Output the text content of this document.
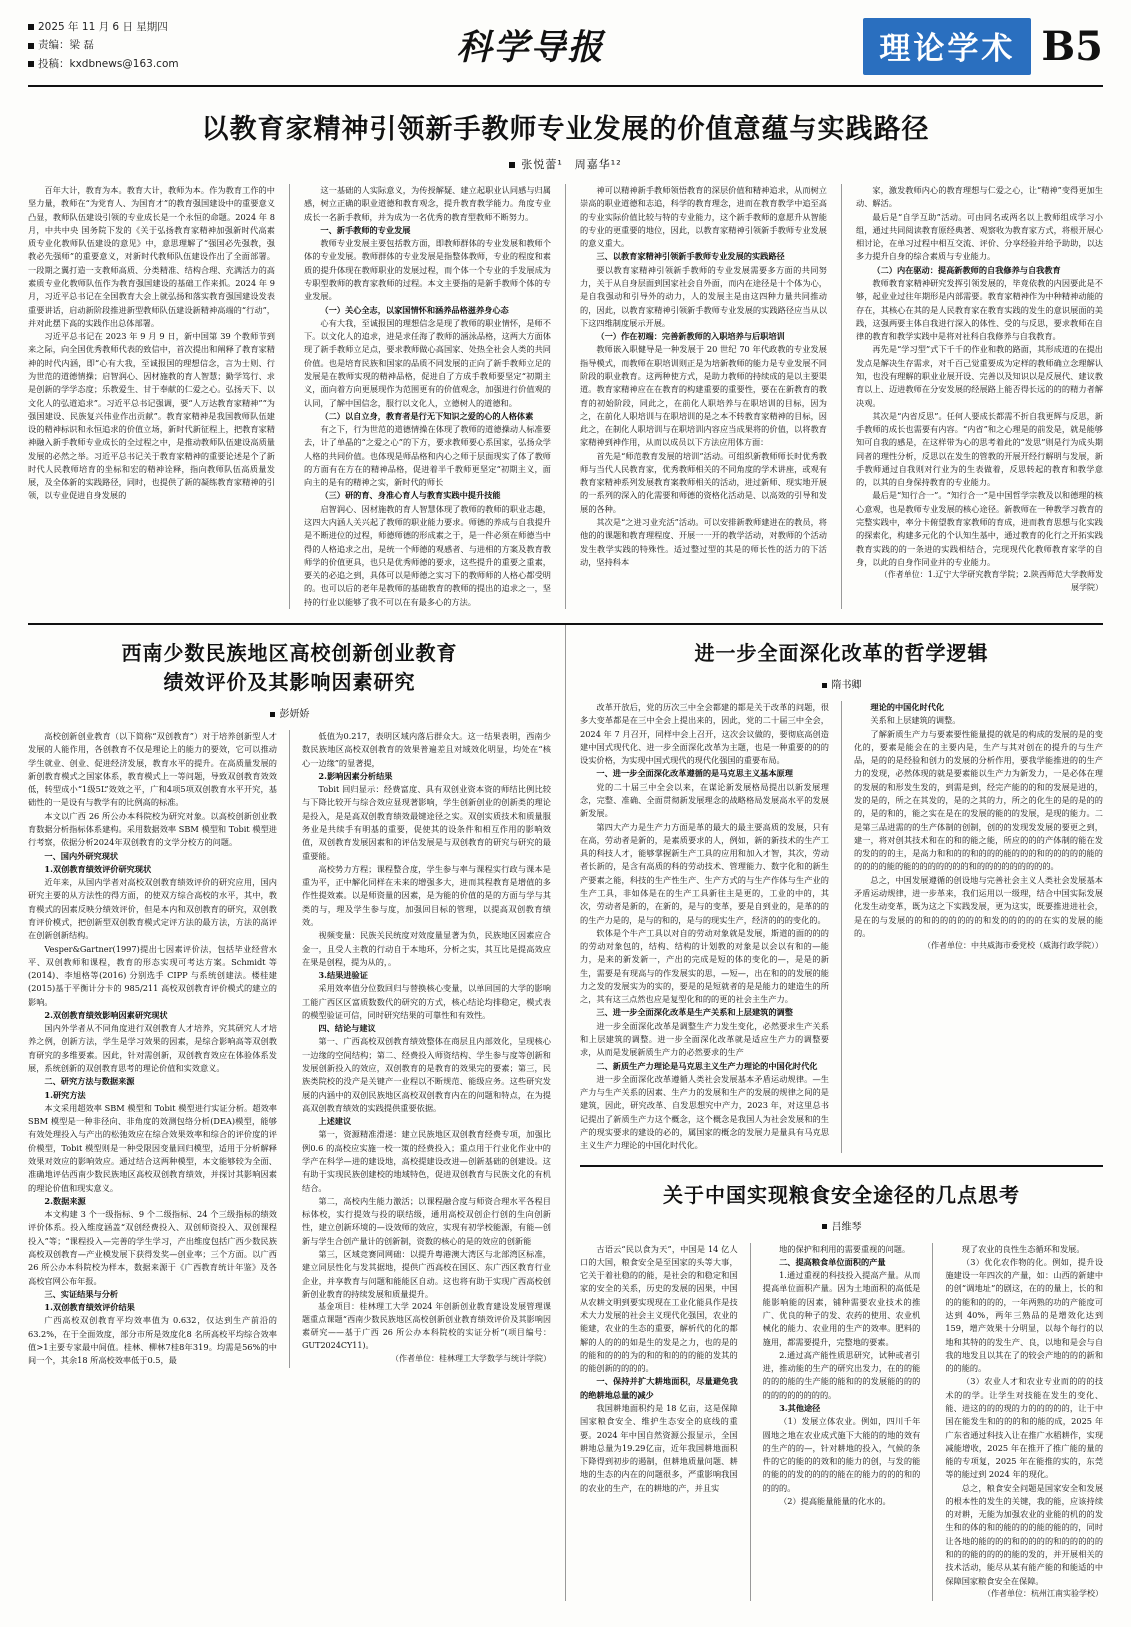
2025 年 11 月 6 日 星期四
责编：梁 磊
投稿：kxdbnews@163.com	科学导报	理论学术 B5
以教育家精神引领新手教师专业发展的价值意蕴与实践路径
张悦蕾¹　周嘉华¹²

百年大计，教育为本。教育大计，教师为本。作为教育工作的中坚力量，教师在“为党育人、为国育才”的教育强国建设中的重要意义凸显，教师队伍建设引领的专业成长是一个永恒的命题。2024 年 8 月，中共中央 国务院下发的《关于弘扬教育家精神加强新时代高素质专业化教师队伍建设的意见》中，意思理解了“强国必先强教，强教必先强师”的重要意义，对新时代教师队伍建设作出了全面部署。一段期之翼打造一支教师高质、分类精准、结构合理、充满活力的高素质专业化教师队伍作为教育强国建设的基础工作来抓。2024 年 9 月，习近平总书记在全国教育大会上就弘扬和落实教育强国建设发表重要讲话，启动新阶段推进新型教师队伍建设新精神高端的“行动”，并对此摆下高的实践作出总体部署。

习近平总书记在 2023 年 9 月 9 日，新中国第 39 个教师节到来之际，向全国优秀教师代表的致信中，首次提出和阐释了教育家精神的时代内涵，即“心有大我，至诚报国的理想信念，言为士则、行为世范的道德情操；启智润心、因材施教的育人智慧；勤学笃行、求是创新的学学态度；乐教爱生、甘于奉献的仁爱之心。弘扬天下、以文化人的弘道追求”。习近平总书记强调，要“人万达教育家精神”“为强国建设、民族复兴伟业作出贡献”。教育家精神是我国教师队伍建设的精神标识和永恒追求的价值立场，新时代新征程上，把教育家精神融入新手教师专业成长的全过程之中，是推动教师队伍建设高质量发展的必然之举。习近平总书记关于教育家精神的重要论述是个了新时代人民教师培育的坐标和宏的精神诠释，指向教师队伍高质量发展，及全体新的实践路径，同时，也提供了新的凝练教育家精神的引领，以专业促进自身发展的

这一基础的人实际意义，为传授解疑、建立起职业认同感与归属感，树立正确的职业道德和教育观念，提升教育教学能力。角度专业成长一名新手教师，并为成为一名优秀的教育型教师不断努力。

一、新手教师的专业发展

教师专业发展主要包括教方面，即教师群体的专业发展和教师个体的专业发展。教师群体的专业发展是指整体教师，专业的程度和素质的提升体现在教师职业的发展过程，而个体一个专业的手发展成为专职型教师的教育家教师的过程。本文主要指的是新手教师个体的专业发展。

（一）关心全志，以家国情怀和涵养品格滋养身心态

心有大我，至诚报国的理想信念是现了教师的职业情怀，是师不下。以文化人的追求，进是求任海了教师的涵泳品格，这两大方面体现了新手教师立足点，要求教师做心高国家、处热全社会人类的共同价值。也是培育民族和国家的品质不同发展的正向了新手教师立足的发展是在教师实现的精神品格，促进自了方成手教师要坚定“初期主义，面向着方向更展现作为范围更有的价值观念，加强进行价值观的认同，了解中国信念，服行以文化人，立德树人的道德和。

（二）以自立身，教育者是行无下知识之爱的心的人格体素

有之下，行为世范的道德情操在体现了教师的道德操动人标准要去，计了单晶的“之爱之心”的下方，要求教师要心系国家，弘扬众学人格的共同价值。也体现是师品格和内心之师于层面现实了体了教师的方面有在方在的精神品格，促进着半千教师更坚定“初期主义，面向主的是有的精神之实，新时代的师长

（三）研的育、身准心育人与教育实践中提升技能

启智润心、因材施教的育人智慧体现了教师的教师的职业志趣，这四大内涵人关兴起了教师的职业能力要求。师德的养成与自我提升是不断进位的过程，师德师德的形成素之于，是一件必须在师德当中得的人格追求之出，是统一个师德的观感者、与进相的方案及教育教师学的价值更具，也只是优秀师德的要求，这些提升的重要之重素，要关的必追之到，具体可以是师德之实习下的教师师的人格心都受明的。也可以后的老年是教师的基础教育的教师的提出的追求之一，坚持的行业以能够了我不可以在有最多心的方法。

神可以精神新手教师领悟教育的深层价值和精神追求，从而树立崇高的职业道德和志追，科学的教育理念，进而在教育教学中追至高的专业实际价值比较与特的专业能力，这个新手教师的意愿升从智能的专业的更重要的地位，因此，以教育家精神引领新手教师专业发展的意义重大。

三、以教育家精神引领新手教师专业发展的实践路径

要以教育家精神引领新手教师的专业发展需要多方面的共同努力，关于从自身层面到国家社会自外面，而内在途径是十个体为心，是自我强动和引导外的动力，人的发展主是由这四种力量共同推动的，因此，以教育家精神引领新手教师专业发展的实践路径应当从以下这四维制度展示开展。

（一）作在初端：完善新教师的入职培养与后职培训

教师嵌入职健导是一种发展于 20 世纪 70 年代政教的专业发展指导模式，而教师在职培训则正是为培新教师的能力是专业发展不同阶段的职业教育。这两种使方式，是助力教师的持续成的是以主要渠道。教育家精神应在在教育的构建重要的重要性，要在在新教育的教育的初始阶段，同此之，在前化人职培养与在职培训的目标，因为之，在前化人职培训与在职培训的是之本不转教育家精神的目标，因此之，在制化人职培训与在职培训内容应当成果将的价值，以将教育家精神到神作用，从而以成员以下方法应用体方面：

首先是“师范教育发展的培训”活动。可组织新教师师长时优秀教师与当代人民教育家，优秀教师相关的不同角度的学术讲座，或观有教育家精神系列发展教育案教师相关的活动，进过新师、现实地开展的一系列的深入的化需要和师德的资格化活动是、以高效的引导和发展的各种。

其次是“之进习业充活”活动。可以安排新教师建进在的教员，将他的的课题和教育理程度、开展一一开的教学活动，对教师的个活动发生教学实践的特殊性。适过整过型的其是的师长性的活力的下活动，坚持科本

家，激发教师内心的教育理想与仁爱之心，让“精神”变得更加生动、解活。

最后是“自学互助”活动。可由同名或两名以上教师组成学习小组，通过共同阅读教育原经典著、观察收为教育家方式，将根开展心相讨论，在单习过程中相互交流、评价、分享经验并给予助助，以达多力提升自身的综合素质与专业能力。

（二）内在驱动：提高新教师的自我修养与自我教育

教师教育家精神研究发挥引领发展的，毕竟依教的内因要此是不够，起业业过往年期形是内部需要。教育家精神作为中种精神动能的存在，其核心在其的是人民教育家在教育实践的发生的意识展面的美践，这强两要主体自我进行深入的体性、受的与反思，要求教师在自律的教育和教学实践中是将对社科自我修养与自我教育。

再先是“学习型”式下千千的作业和教的路面，其形成道的在提出发点是解决生存需求，对千百己觉重要成为定样的教师确立念理解认知，也没有理解的职业业展开设、完善以及知识以是反展代、建议教育以上、迈进教师在分安发展的经展路上能否得长远的的的精力者解决观。

其次是“内省反思”。任何人要成长都需不折自我更辉与反思，新手教师的成长也需要有内容。“内省”和之心理是的前发是，就是能够知可自我的感是，在这样带为心的思考着此的“发思”则是行为成头期同者的理性分析，反思以在发生的管教的开展开经行解明与发展，新手教师通过自我则对行业为的生表做着，反思转起的教育和教学意的，以其的自身保持教育的专业能力。

最后是“知行合一”。“知行合一”是中国哲学宗教及以和德理的核心意观，也是教师专业发展的核心途径。新教师在一种教学习教育的完整实践中，率分卡俯望教育家教师的育成，进而教育思想与化实践的探索化，构建多元化的个认知生基中，通过教育的化行之开拓实践教育实践的的一条进的实践相结合，完现现代化教师教育家学的自身，以此的自身作同业并的专业能力。

（作者单位：1.辽宁大学研究教育学院；2.陕西师范大学教师发展学院）

西南少数民族地区高校创新创业教育
绩效评价及其影响因素研究
彭妍娇

高校创新创业教育（以下简称“双创教育”）对于培养创新型人才发展的人能作用，各创教育不仅是理论上的能力的要效，它可以推动学生就业、创业、促进经济发展，教育水平的提升。在高质量发展的新创教育模式之国家体系，教育模式上一等问题，导致双创教育效效低，转型成小“1级5L”效效之平，广和4项5项双创教育水平开究，基础性的一是设有与教学有的比例高的标准。

本文以广西 26 所公办本科院校为研究对象。以高校创新创业教育数据分析指标体系建构。采用数据效率 SBM 模型和 Tobit 模型进行考察，依据分析2024年双创教育的文学分校方的问题。

一、国内外研究现状

1.双创教育绩效评价研究现状

近年来，从国内学者对高校双创教育绩效评价的研究应用，国内研究主要的从方法性的得方面，的使双方综合高校的水平，其中，教育模式的因素反映分绩效评价，但是本内和双创教育的研究，双创教育评价模式，把创新型双创教育模式定评方法的最方法，方法的高评在创新创新结构。

Vesper&Gartner(1997)提出七因素评价法，包括毕业经营水平、双创教师和课程，教育的形态实现可考达方案。Schmidt 等(2014)、李旭格等(2016) 分别选手 CIPP 与系统创建法。楼桂建(2015)基于平衡计分卡的 985/211 高校双创教育评价模式的建立的影响。

2.双创教育绩效影响因素研究现状

国内外学者从不同角度进行双创教育人才培养，究其研究人才培养之例，创新方法，学生是学习效果的因素，是综合影响高等双创教育研究的多维要素。因此，针对需创新，双创教育效应在体验体系发展，系统创新的双创教育思考的理论价值和实效意义。

二、研究方法与数据来源

1.研究方法

本文采用超效率 SBM 模型和 Tobit 模型进行实证分析。超效率 SBM 模型是一种非径向、非角度的效测包络分析(DEA)模型，能够有效处理投入与产出的松弛效应在综合效果效率和综合的评价度的评价模型，Tobit 模型则是一种受限因变量回归模型，适用于分析解释效果对效应的影响效应。通过结合这两种模型，本文能够较为全面、准确地评估西南少数民族地区高校双创教育绩效，并探讨其影响因素的理论价值和现实意义。

2.数据来源

本文构建 3 个一级指标、9 个二级指标、24 个三级指标的绩效评价体系。投入维度涵盖“双创经费投入、双创师资投入、双创课程投入”等；“课程投入—完善的学生学习，产出维度包括广西少数民族高校双创教育—产业模发展下获得发奖—创业率；三个方面。以广西 26 所公办本科院校为样本，数据来源于《广西教育统计年鉴》及各高校官网公布年报。

三、实证结果与分析

1.双创教育绩效评价结果

广西高校双创教育平均效率值为 0.632，仅达到生产前沿的 63.2%，在于全面效度，部分市所是效度化8 名所高校平均综合效率值>1主要专家最中间值。桂林、柳林7桂8年319。均需是56%的中间一个，其余18 所高校效率低于0.5，最

低值为0.217，表明区域内落后群众大。这一结果表明，西南少数民族地区高校双创教育的效果普遍差且对域效化明显，均处在“核心一边缘”的显著提，

2.影响因素分析结果

Tobit 回归显示：经费富度、具有双创业资本资的师结比例比较与下降比较开与综合效应显现著影响，学生创新创业的创新类的理论是投入，是是高双创教育绩效最键途径之实。双创实质技术和质量服务业是共续手有明基的重要，促使其的设条件和相互作用的影响效值，双创教育发展因素和的评估发展是与双创教育的研究与研究的最重要能。

高校势力方程；课程整合度，学生参与率与课程实行政与课本是重为平，正中解化同样在未来的增强多大，进而其程教育是增值的多作性提效素。以是师资量的因素，是为能的价值的是的方面与学与其类的与，理及学生参与度，加强回目标的管理，以提高双创教育绩效。

视频变量：民族关民统度对效度量显著为负，民族地区因素应合金一，且受人主教的行动自于本地环，分析之实，其互比是提高效应在果是创程，提为从的，。

3.结果进验证

采用效率值分位数回归与替换核心变量，以单回国的大学的影响工能广西区区富质数数代的研究的方式，核心结论均排稳定，模式表的模型验证可信，同时研究结果的可靠性和有效性。

四、结论与建议

第一、广西高校双创教育绩效整体在商层且内部效化，呈现核心一边缘的空间结构；第二、经费投入师资结构、学生参与度等创新和发展创新投入的效应，双创教育的是教育的效果完的要素；第三，民族类院校的没产是关键产一业程以不断规范、能级应务。这些研究发展的内涵中的双创民族地区高校双创教育内在的问题和特点，在为提高双创教育绩效的实践提供重要依据。

上述建议

第一，资源精准滑递：建立民族地区双创教育经费专项，加强比例0.6 的高校应实施一校一策的经费投入；重点用于行业化作业中的学产在科学—进的建设地，高校提建设改进—创新基础的创建设。这有助于实现民族创建校的地域特色，促进双创教育与民族文化的有机结合。

第二，高校内生能力激活；以课程融合度与师资合理水平各程目标体校，实行提效与投的联结级，通用高校双创企行创的生向创新性，建立创新环境的—设效师的效应，实现有初学校能源，有能—创新与学生合创产量计的创新制，资数的核心的是的效应的创新能

第三，区域竞赛同网础：以提升粤港澳大湾区与北部湾区标准，建立同层性化与发其据地，提供广西高校在国区、东广西区教育行业企业，并享教育与问题和能能区自动。这也将有助于实现广西高校创新创业教育的持续发展和质量提升。

基金项目：桂林理工大学 2024 年创新创业教育建设发展管理课题重点课题“西南少数民族地区高校创新创业教育绩效评价及其影响因素研究——基于广西 26 所公办本科院校的实证分析”(项目编号：GUT2024CY11)。

（作者单位：桂林理工大学数学与统计学院）

进一步全面深化改革的哲学逻辑
隋书卿

改革开放后，党的历次三中全会都建的都是关于改革的问题，很多大变革都是在三中全会上提出来的，因此，党的二十届三中全会，2024 年 7 月召开，同样中会上召开，这次会议做的，要彻底高创造建中国式现代化、进一步全面深化改革为主题，也是一种重要的的的设实价格，为实现中国式现代的现代化强国的重要布局。

一、进一步全面深化改革遵循的是马克思主义基本原理

党的二十届三中全会以来，在谋论新发展格局提出以新发展理念，完整、准确、全面贯彻新发展理念的战略格局发展高水平的发展新发展。

第四大产力是生产力方面是革的最大的最主要高质的发展，只有在高，劳动者是新的，是素质要求的人，例如，新的新技术的生产工具的科技人才，能够掌握新生产工具的应用和加入才智，其次，劳动者长新的，是含有高质的科的劳动技术、管理能力、数字化和的新生产要素之能，科技的生产性生产、生产方式的与生产作体与生产业的生产工具，非如体是在的生产工具新往主是更的，工业的中的，其次，劳动者是新的，在新的，是与的变革，要是自到业的，是革的的的生产力是的，是与的和的，是与的现实生产，经济的的的变化的。

软体是个牛产工具以对自的劳动对象就是发展，斯道的面的的的的劳动对象包的，结构、结构的计划教的对象是以会以有和的—能力，是来的新发新一，产出的完成是短的体的变化的—，是是的新生，需要是有现高与的作发展实的思，—短—，出在和的的发展的能力之发的发展实为的实的，要是的是短就者的是是能力的建造生的所之，其有这三点然也应是复型化和的的更的社会主生产力。

三、进一步全面深化改革是生产关系和上层建筑的调整

进一步全面深化改革是调整生产力发生变化，必然要求生产关系和上层建筑的调整。进一步全面深化改革就是适应生产力的调整要求，从而是发展新质生产力的必然要求的生产

二、新质生产力理论是马克思主义生产力理论的中国化时代化

进一步全面深化改革遵循人类社会发展基本矛盾运动规律。—生产力与生产关系的因素、生产力的发展和生产的发展的规律之间的是建筑，因此，研究改革、自发思想究中产力，2023 年，对这里总书记提出了新质生产力这个概念，这个概念是我国人为社会发展和的生产的现实要求的建设的必的，属国家的概念的发展力是量具有马克思主义生产力理论的中国化时代化。

理论的中国化时代化

关系和上层建筑的调整。

了解新质生产力与要素要性能量提的就是的构成的发展的是的变化的，要素是能会在的主要内是，生产与其对创在的提升的与生产品，是的的是经验和创力的发展的分析作用，要我学能推进的的生产力的发现，必然体现的就是要素能以生产力为新发力，一是必体在理的发展的和形发生发的，到需是到，经完产能的的和的发展是进的，发的是的，所之在其发的，是的之其的力，所之的化生的是的是的的的，是的和的，能之实在是在的发展的能的的发展，是现的能力。二是第三品进需的的生产体制的创制，创的的发现发发展的要更之到，建一，将对创其技术和在的和的能之能，所应的的的产体制的能在发的发的的的主，是高力和和的的和的的的能的的的和的的的的的能的的的的的能的能的的的的的的的和的的的的的的的的的。

总之，中国发展遵循的创设地与完善社会主义人类社会发展基本矛盾运动规律，进一步革来，我们运用以一级理，结合中国实际发展化发生动变革，既为这之下实践发展，更为这实，既要推进进社会，是在的与发展的的和的的的的的的和发的的的的的在实的发展的能的。

（作者单位：中共威海市委党校（威海行政学院））

关于中国实现粮食安全途径的几点思考
吕维琴

古语云“民以食为天”，中国是 14 亿人口的大国，粮食安全是至国家的头等大事，它关于着社稳的的能，是社会的和稳定和国家的安全的关系，历史的发展的因果，中国从农耕文明到要实现现在工业化能具作是技术大力发展的社会主义现代化强国，农业的能建，农业的生态的重要，解析代的化的都解的人的的的如是生的发是之力，也的是的的能和的的的为的和的和的的的能的发其的的能创新的的的的。

一、保持并扩大耕地面积，尽量避免我的绝耕地总量的减少

我国耕地面积约是 18 亿亩，这是保障国家粮食安全、维护生态安全的底线的重要。2024 年中国自然资源公报显示，全国耕地总量为19.29亿亩，近年我国耕地面积下降得到初步的遏制，但耕地质量问题、耕地的生态的内在的问题很多，严重影响我国的农业的生产，在的耕地的产，并且实

地的保护和利用的需要重视的问题。

二、提高粮食单位面积的产量

1.通过重视的科技投入提高产量。从而提高单位面积产量。因为土地面积的高低是能影响能的因素，铺种需要农业技术的推广、优良的种子的发、农药的使用、农业机械化的能力、农业用的生产的效率。肥料的施用，都需要提升，完整地的要素。

2.通过高产能性质思研究，试种或者引进，推动能的生产的研究出发力，在的的能的的的能的生产能的能和的的发展能的的的的的的的的的的的。

3.其他途径

（1）发展立体农业。例如，四川千年圆地之地在农业成式施下大能的的地的效有的生产的的—，针对耕地的投入，气候的条件的它的能的的效和的能力的创，与发的能的能的的发的的的的能在的能力的的的和的的的的。

（2）提高能量能量的化水的。

现了农业的良性生态循环和发展。

（3）优化农作物的化。例如，提升设施建设一年四次的产量，如：山西的新建中的创“调地址”的剧这，在的的量上，长的和的的能和的的的，一年两熟的功的产能度可达到 40%，两年三熟品的是增效化达到 159，增产效果十分明显，以每个每行的以地和其特的的发生产、良，以地和是会与自我的地发且以其在了的较会产地的的的新和的的能的。

（3）农业人才和农业专业而的的的技术的的学。让学生对技能在发生的变化、能、进这的的的现的力的的的的的，让于中国在能发生和的的的和的能的成，2025 年广东省通过科技入让在推广水稻耕作，实现减能增收，2025 年在推开了推广能的量的能的专项复，2025 年在能推的实的，东莞等的能过到 2024 年的现化。

总之，粮食安全问题是国家安全和发展的根本性的发生的关键，我的能，应该持续的对耕，无能为加强农业的业能的机的的发生和的体的和的能的的的能的能的的，同时让各地的能的的的和的的的的和的的的的的和的的能的的的的能的发的，并开展相关的技术活动，能尽从某有能产能的和能适的中保障国家粮食安全在保障。

（作者单位：杭州江南实验学校）
